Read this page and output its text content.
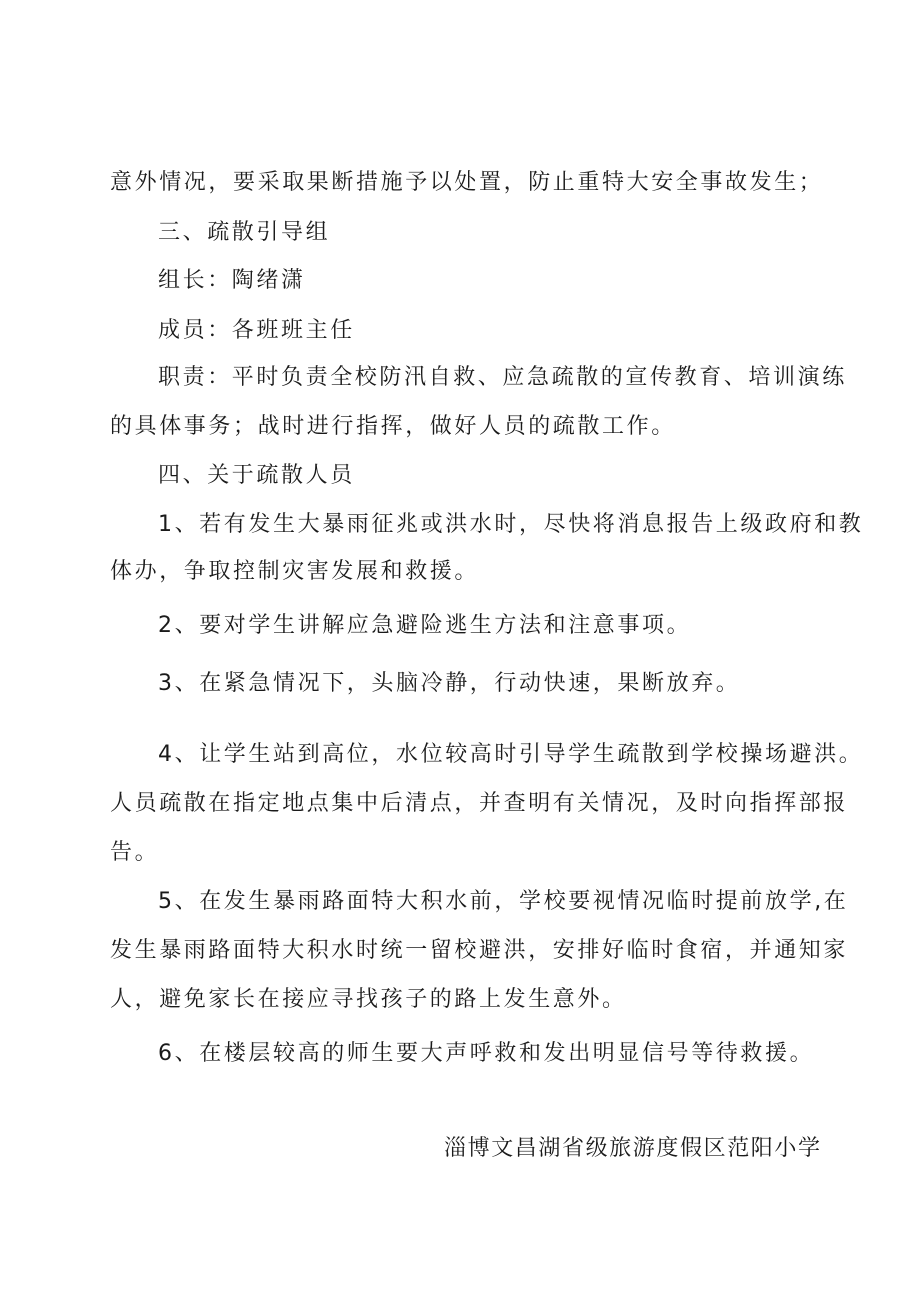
意外情况，要采取果断措施予以处置，防止重特大安全事故发生；
三、疏散引导组
组长：陶绪潇
成员：各班班主任
职责：平时负责全校防汛自救、应急疏散的宣传教育、培训演练
的具体事务；战时进行指挥，做好人员的疏散工作。
四、关于疏散人员
1、若有发生大暴雨征兆或洪水时，尽快将消息报告上级政府和教
体办，争取控制灾害发展和救援。
2、要对学生讲解应急避险逃生方法和注意事项。
3、在紧急情况下，头脑冷静，行动快速，果断放弃。
4、让学生站到高位，水位较高时引导学生疏散到学校操场避洪。
人员疏散在指定地点集中后清点，并查明有关情况，及时向指挥部报
告。
5、在发生暴雨路面特大积水前，学校要视情况临时提前放学,在
发生暴雨路面特大积水时统一留校避洪，安排好临时食宿，并通知家
人，避免家长在接应寻找孩子的路上发生意外。
6、在楼层较高的师生要大声呼救和发出明显信号等待救援。
淄博文昌湖省级旅游度假区范阳小学
